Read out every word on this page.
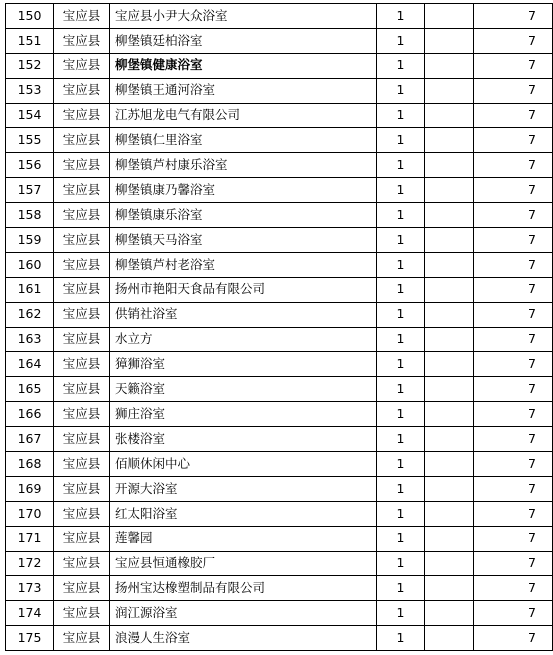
150	宝应县	宝应县小尹大众浴室	1		7
151	宝应县	柳堡镇廷柏浴室	1		7
152	宝应县	柳堡镇健康浴室	1		7
153	宝应县	柳堡镇王通河浴室	1		7
154	宝应县	江苏旭龙电气有限公司	1		7
155	宝应县	柳堡镇仁里浴室	1		7
156	宝应县	柳堡镇芦村康乐浴室	1		7
157	宝应县	柳堡镇康乃馨浴室	1		7
158	宝应县	柳堡镇康乐浴室	1		7
159	宝应县	柳堡镇天马浴室	1		7
160	宝应县	柳堡镇芦村老浴室	1		7
161	宝应县	扬州市艳阳天食品有限公司	1		7
162	宝应县	供销社浴室	1		7
163	宝应县	水立方	1		7
164	宝应县	獐狮浴室	1		7
165	宝应县	天籁浴室	1		7
166	宝应县	狮庄浴室	1		7
167	宝应县	张楼浴室	1		7
168	宝应县	佰顺休闲中心	1		7
169	宝应县	开源大浴室	1		7
170	宝应县	红太阳浴室	1		7
171	宝应县	莲馨园	1		7
172	宝应县	宝应县恒通橡胶厂	1		7
173	宝应县	扬州宝达橡塑制品有限公司	1		7
174	宝应县	润江源浴室	1		7
175	宝应县	浪漫人生浴室	1		7
